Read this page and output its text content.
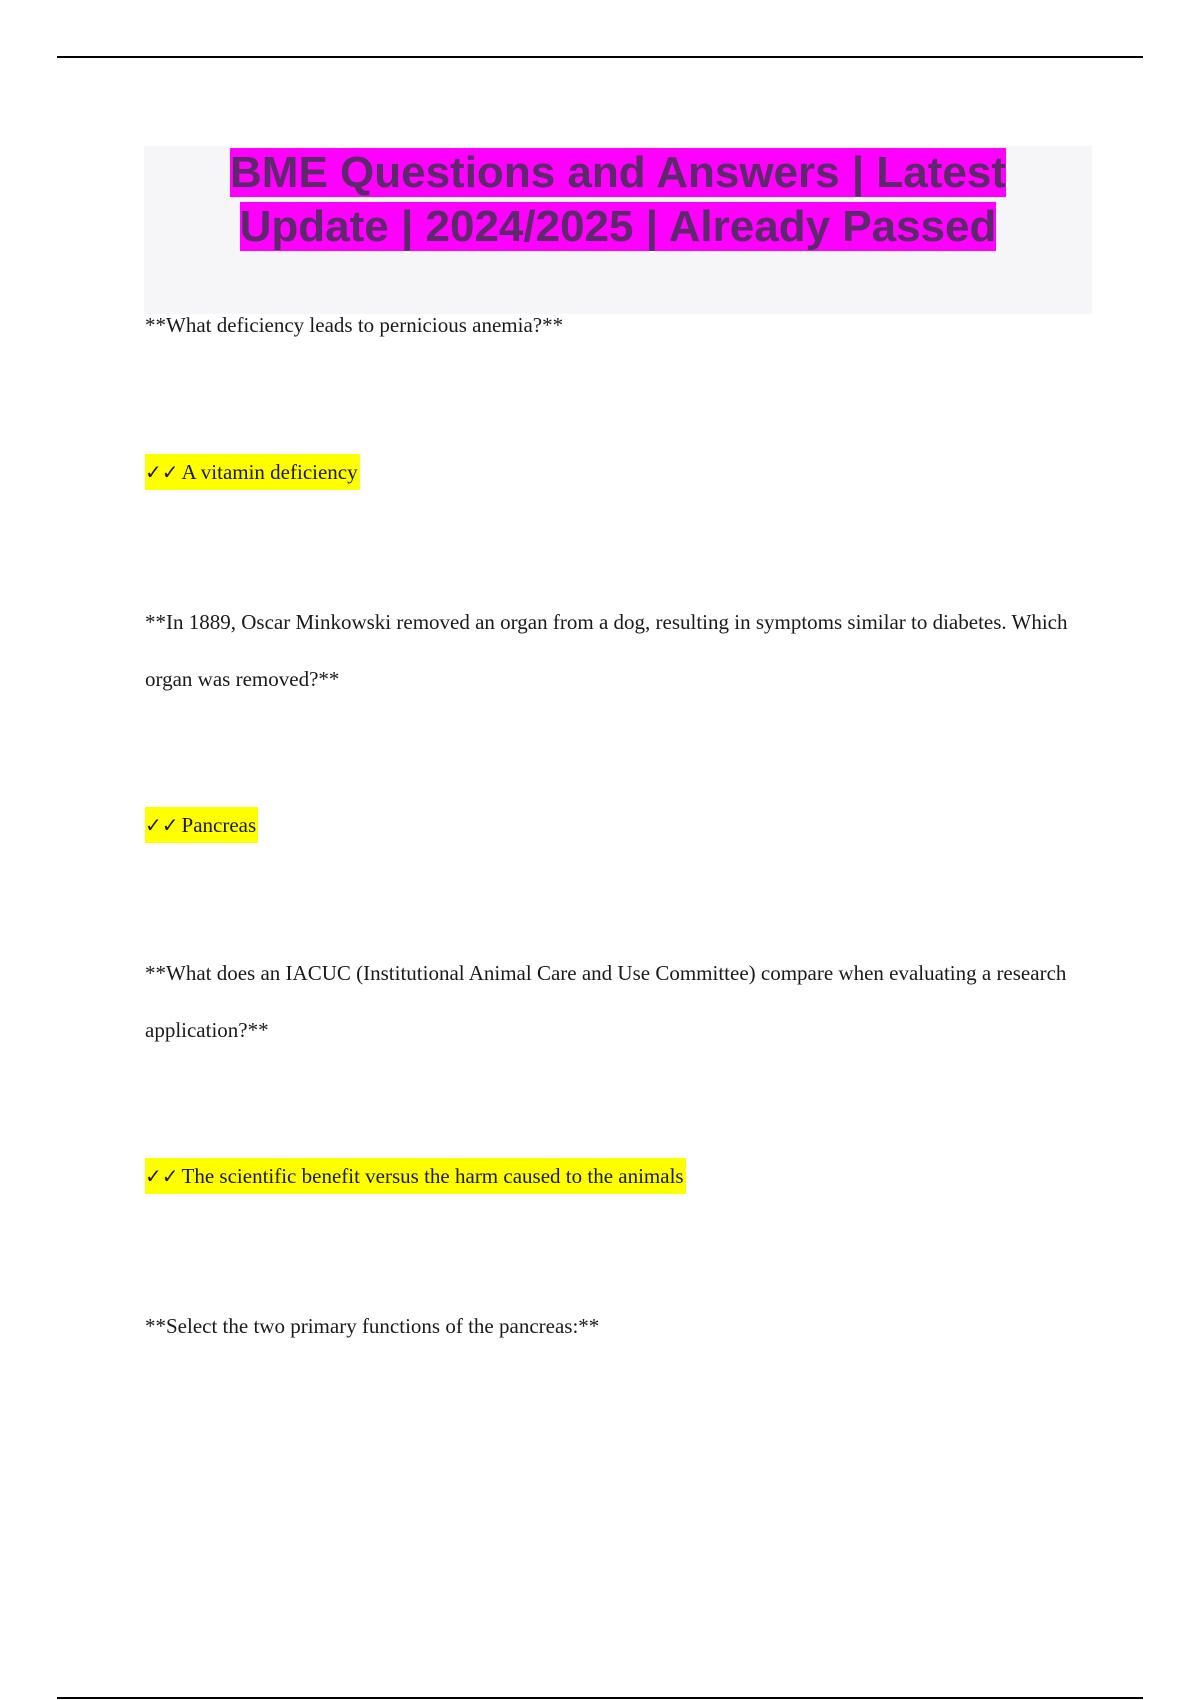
BME Questions and Answers | Latest Update | 2024/2025 | Already Passed
**What deficiency leads to pernicious anemia?**
✓✓ A vitamin deficiency
**In 1889, Oscar Minkowski removed an organ from a dog, resulting in symptoms similar to diabetes. Which organ was removed?**
✓✓ Pancreas
**What does an IACUC (Institutional Animal Care and Use Committee) compare when evaluating a research application?**
✓✓ The scientific benefit versus the harm caused to the animals
**Select the two primary functions of the pancreas:**
